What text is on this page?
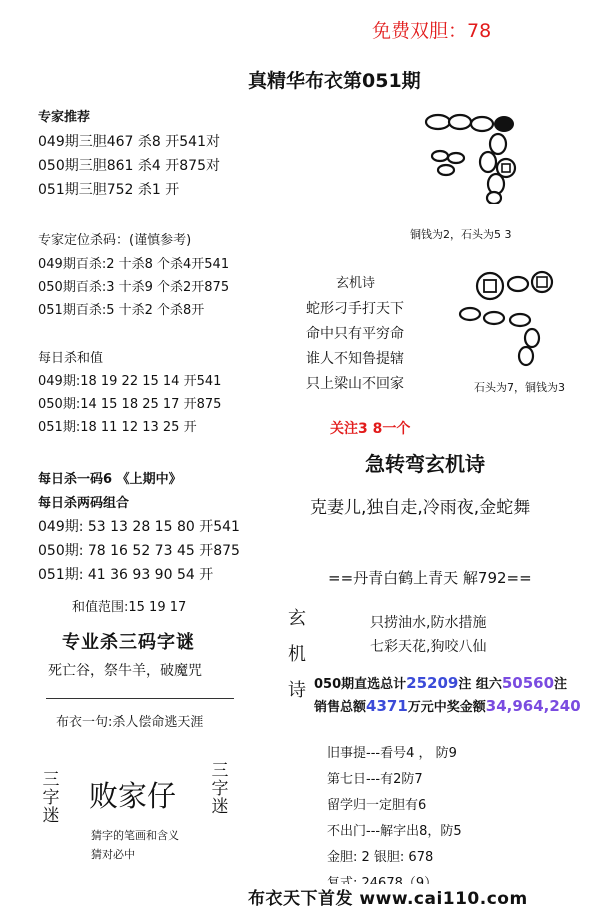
免费双胆：78
真精华布衣第051期
专家推荐
049期三胆467 杀8 开541对
050期三胆861 杀4 开875对
051期三胆752 杀1 开
专家定位杀码：(谨慎参考)
049期百杀:2 十杀8 个杀4开541
050期百杀:3 十杀9 个杀2开875
051期百杀:5 十杀2 个杀8开
每日杀和值
049期:18 19 22 15 14 开541
050期:14 15 18 25 17 开875
051期:18 11 12 13 25 开
每日杀一码6 《上期中》
每日杀两码组合
049期: 53 13 28 15 80 开541
050期: 78 16 52 73 45 开875
051期: 41 36 93 90 54 开
和值范围:15 19 17
专业杀三码字谜
死亡谷，祭牛羊，破魔咒
布衣一句:杀人偿命逃天涯
三字迷
败家仔
三字迷
猜字的笔画和含义
猜对必中
铜钱为2，石头为5 3
玄机诗
蛇形刁手打天下
命中只有平穷命
谁人不知鲁提辖
只上梁山不回家	石头为7，铜钱为3
关注3 8一个
急转弯玄机诗
克妻儿,独自走,冷雨夜,金蛇舞
==丹青白鹤上青天 解792==
玄
机
诗
只捞油水,防水措施
七彩天花,狗咬八仙
050期直选总计25209注 组六50560注
销售总额4371万元中奖金额34,964,240
旧事提---看号4 ， 防9
第七日---有2防7
留学归一定胆有6
不出门---解字出8，防5
金胆: 2 银胆: 678
布衣天下首发 www.cai110.com
